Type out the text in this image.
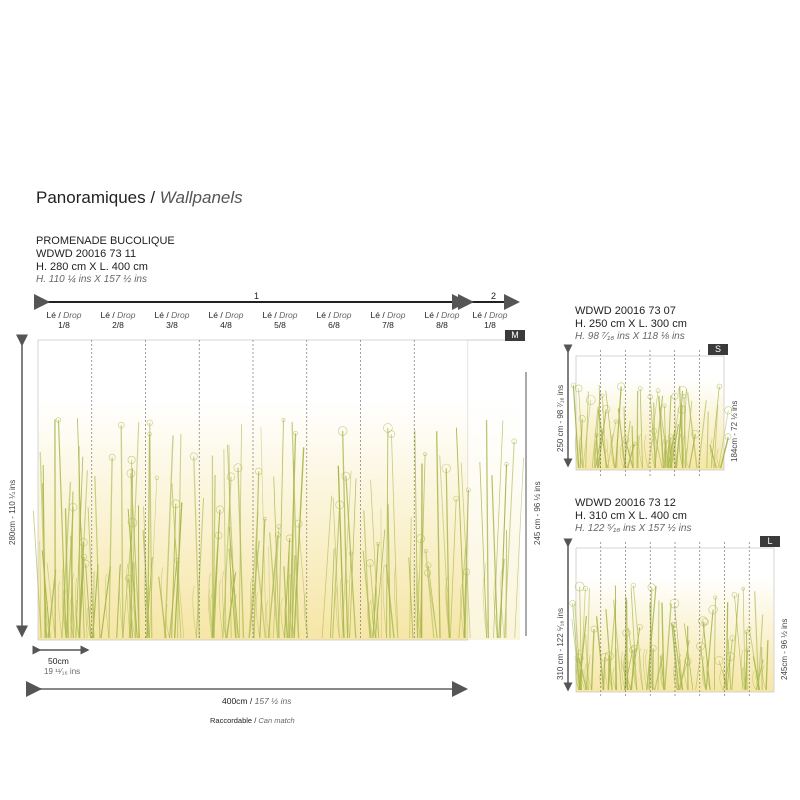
Panoramiques / Wallpanels
PROMENADE BUCOLIQUE
WDWD 20016 73 11
H. 280 cm X L. 400 cm
H. 110 ¼ ins X 157 ½ ins
WDWD 20016 73 07
H. 250 cm X L. 300 cm
H. 98 ⁷⁄₁₆ ins X 118 ⅛ ins
WDWD 20016 73 12
H. 310 cm X L. 400 cm
H. 122 ⁵⁄₁₆ ins X 157 ½ ins
1	2
Lé / Drop
1/8
Lé / Drop
2/8
Lé / Drop
3/8
Lé / Drop
4/8
Lé / Drop
5/8
Lé / Drop
6/8
Lé / Drop
7/8
Lé / Drop
8/8
Lé / Drop
1/8
M
S
L
280cm - 110 ¼ ins	245 cm - 96 ½ ins
250 cm - 98 ⁷⁄₁₆ ins	184cm - 72 ½ ins
310 cm - 122 ⁵⁄₁₆ ins	245cm - 96 ½ ins
50cm
19 ¹¹⁄₁₆ ins
400cm / 157 ½ ins
Raccordable / Can match
